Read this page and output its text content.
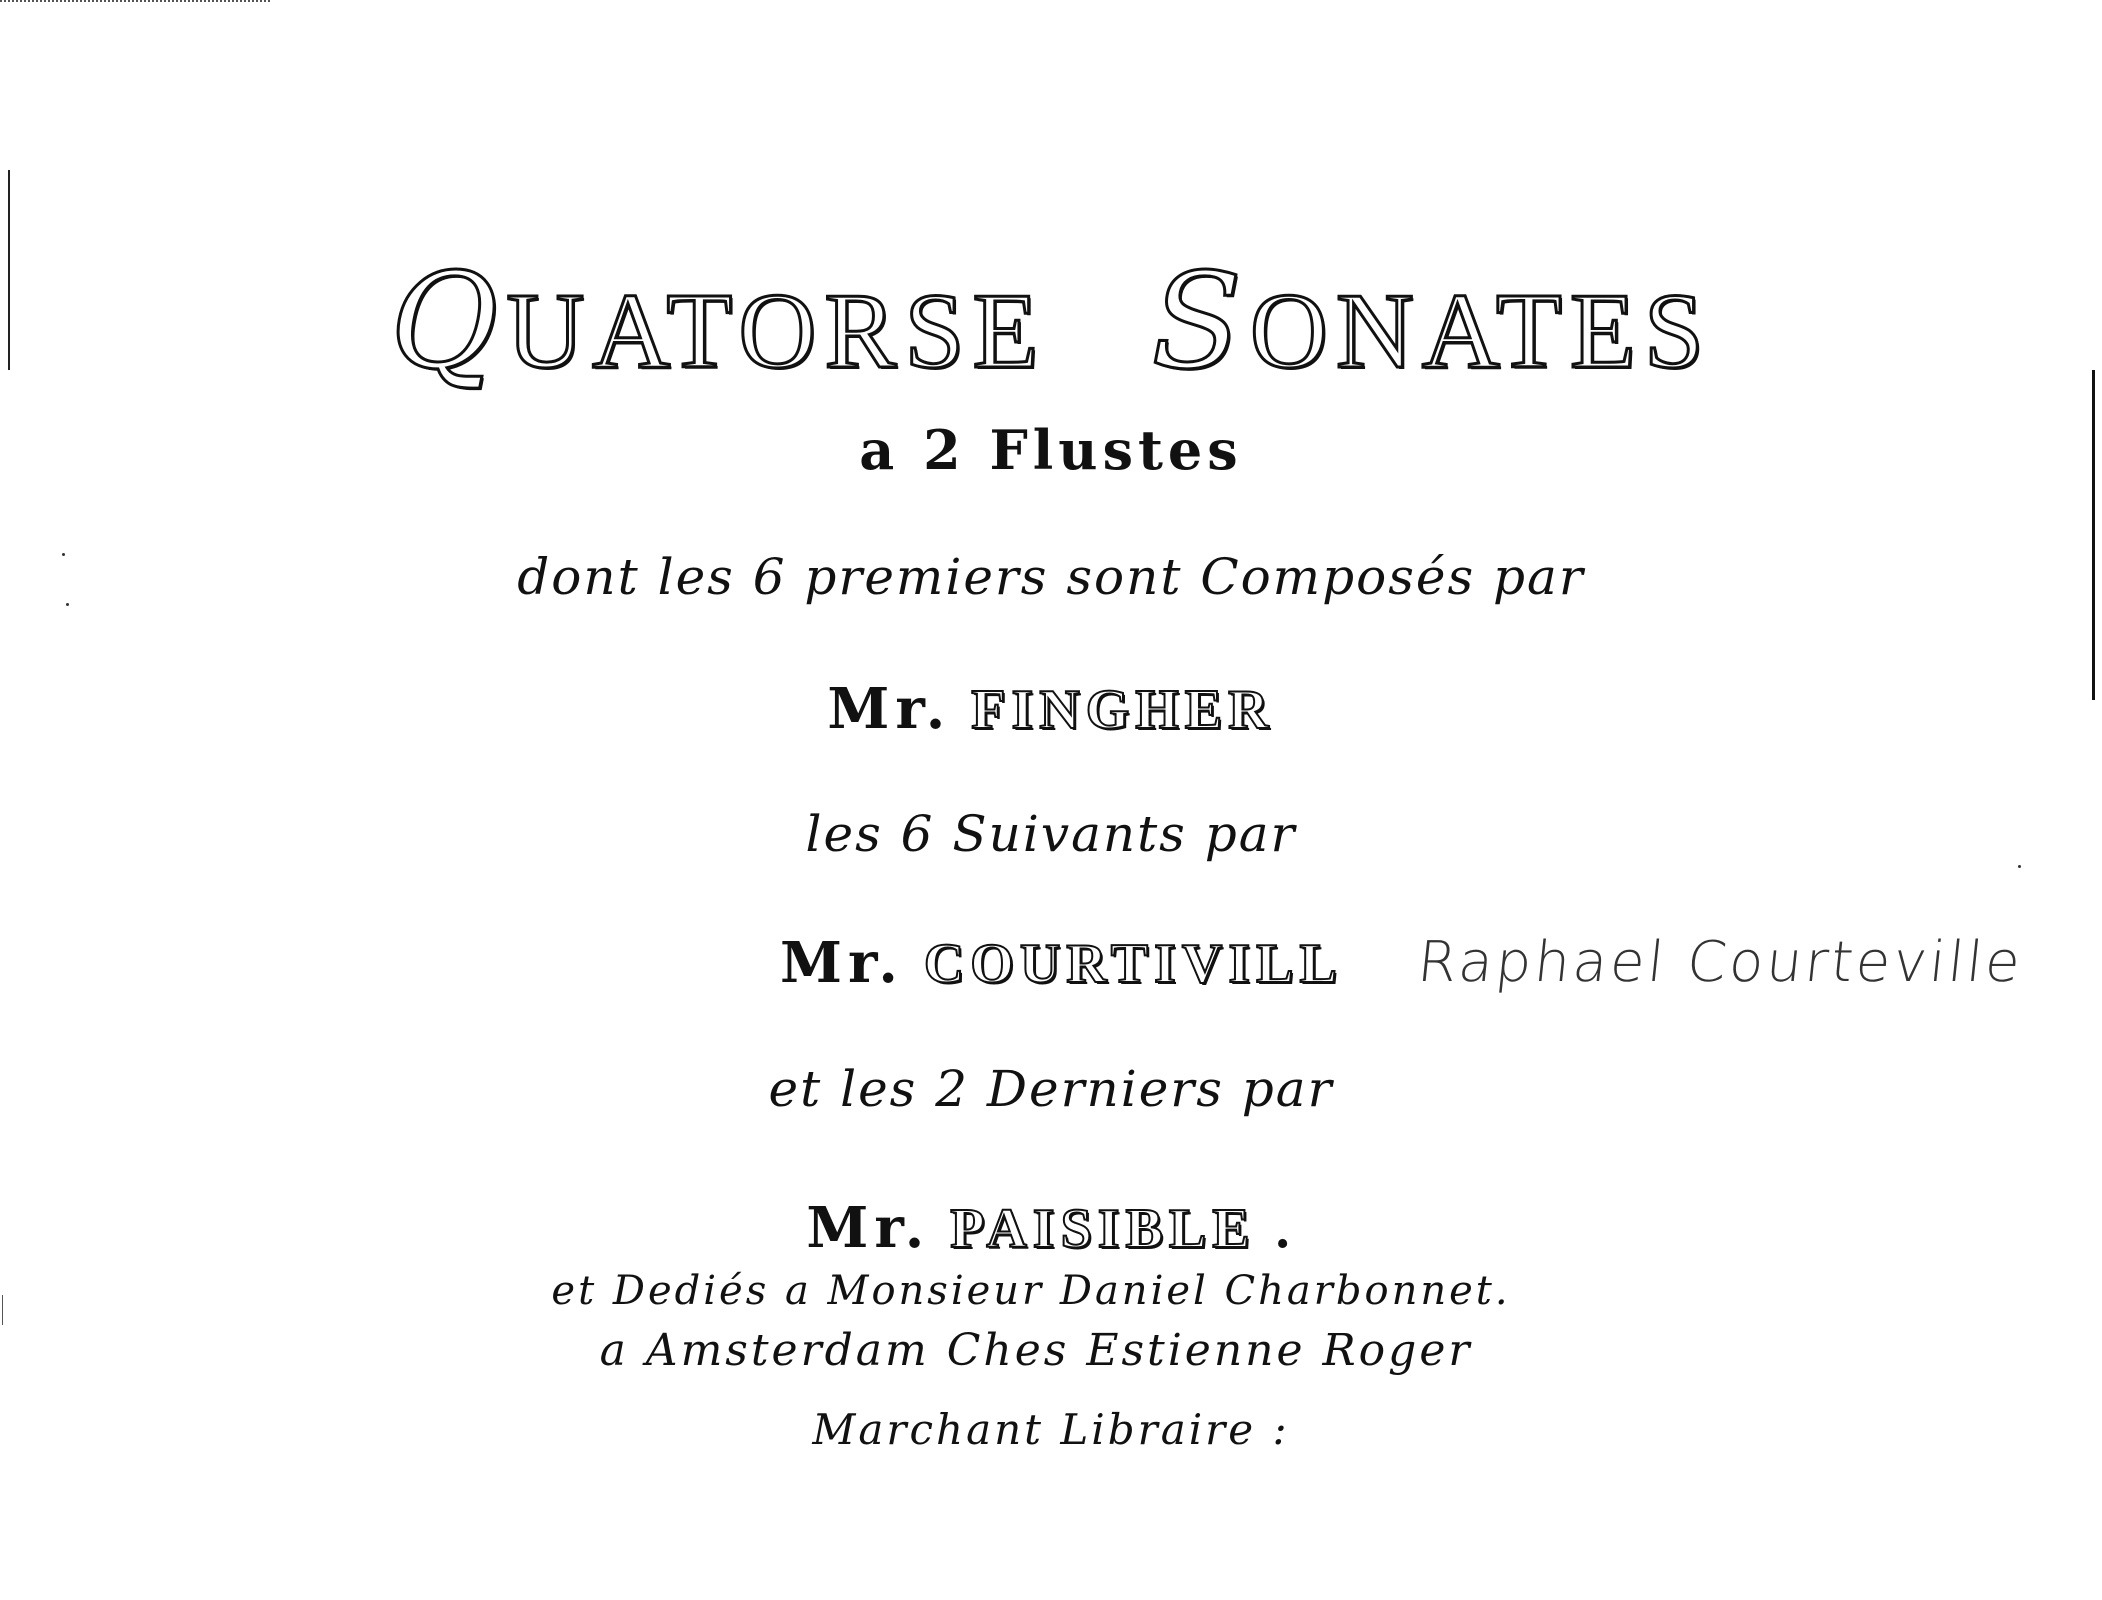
QUATORSE SONATES
a 2 Flustes
dont les 6 premiers sont Composés par
Mr. FINGHER
les 6 Suivants par
Mr. COURTIVILL	Raphael Courteville
et les 2 Derniers par
Mr. PAISIBLE .
et Dediés a Monsieur Daniel Charbonnet.
a Amsterdam Ches Estienne Roger
Marchant Libraire :
